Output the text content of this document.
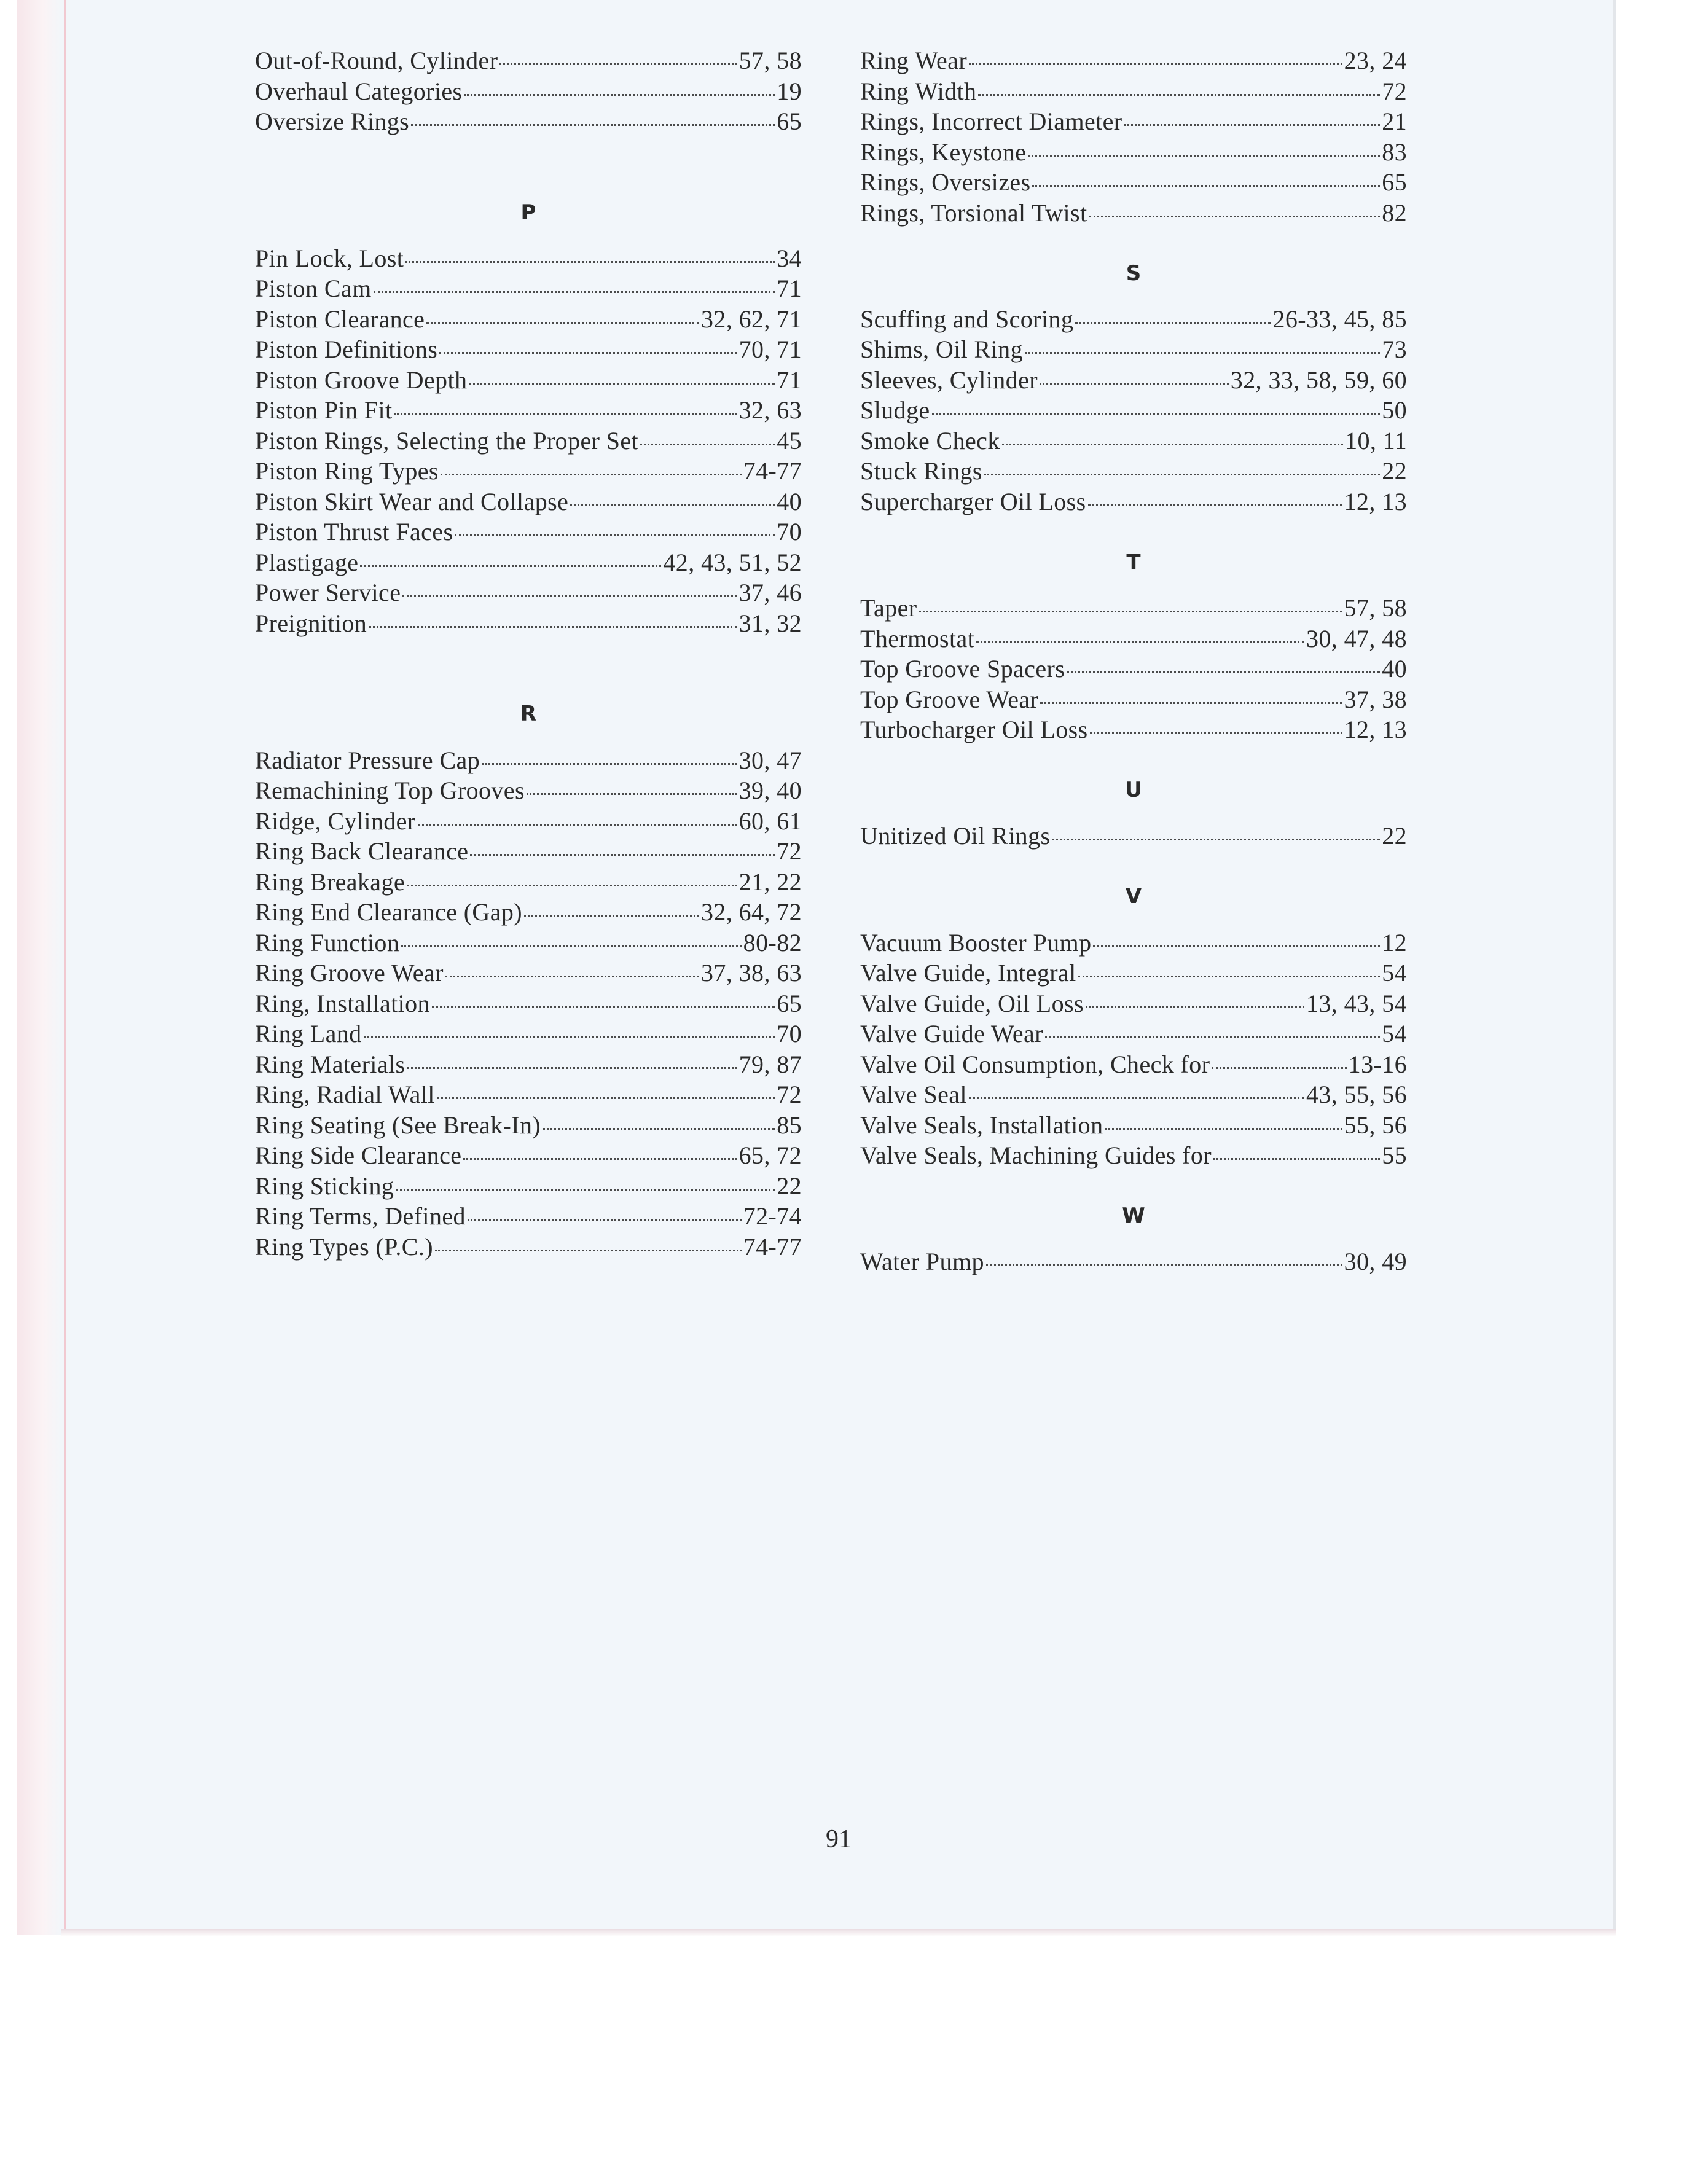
Out-of-Round, Cylinder	57, 58
Overhaul Categories	19
Oversize Rings	65
P
Pin Lock, Lost	34
Piston Cam	71
Piston Clearance	32, 62, 71
Piston Definitions	70, 71
Piston Groove Depth	71
Piston Pin Fit	32, 63
Piston Rings, Selecting the Proper Set	45
Piston Ring Types	74-77
Piston Skirt Wear and Collapse	40
Piston Thrust Faces	70
Plastigage	42, 43, 51, 52
Power Service	37, 46
Preignition	31, 32
R
Radiator Pressure Cap	30, 47
Remachining Top Grooves	39, 40
Ridge, Cylinder	60, 61
Ring Back Clearance	72
Ring Breakage	21, 22
Ring End Clearance (Gap)	32, 64, 72
Ring Function	80-82
Ring Groove Wear	37, 38, 63
Ring, Installation	65
Ring Land	70
Ring Materials	79, 87
Ring, Radial Wall	72
Ring Seating (See Break-In)	85
Ring Side Clearance	65, 72
Ring Sticking	22
Ring Terms, Defined	72-74
Ring Types (P.C.)	74-77
Ring Wear	23, 24
Ring Width	72
Rings, Incorrect Diameter	21
Rings, Keystone	83
Rings, Oversizes	65
Rings, Torsional Twist	82
S
Scuffing and Scoring	26-33, 45, 85
Shims, Oil Ring	73
Sleeves, Cylinder	32, 33, 58, 59, 60
Sludge	50
Smoke Check	10, 11
Stuck Rings	22
Supercharger Oil Loss	12, 13
T
Taper	57, 58
Thermostat	30, 47, 48
Top Groove Spacers	40
Top Groove Wear	37, 38
Turbocharger Oil Loss	12, 13
U
Unitized Oil Rings	22
V
Vacuum Booster Pump	12
Valve Guide, Integral	54
Valve Guide, Oil Loss	13, 43, 54
Valve Guide Wear	54
Valve Oil Consumption, Check for	13-16
Valve Seal	43, 55, 56
Valve Seals, Installation	55, 56
Valve Seals, Machining Guides for	55
W
Water Pump	30, 49
91
